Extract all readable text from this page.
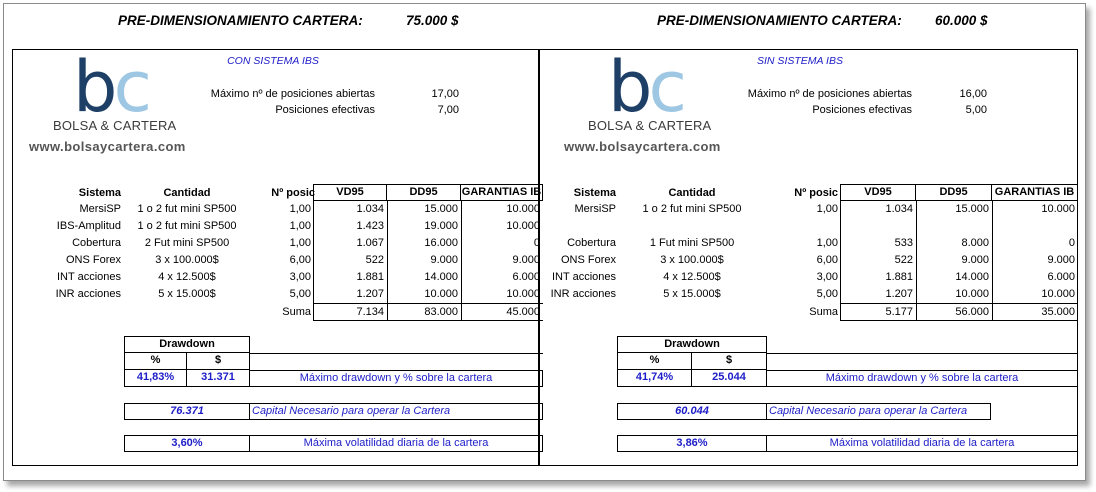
PRE-DIMENSIONAMIENTO CARTERA:	75.000 $	PRE-DIMENSIONAMIENTO CARTERA: 60.000 $
CON SISTEMA IBS
bc
BOLSA & CARTERA
www.bolsaycartera.com
Máximo nº de posiciones abiertas	17,00
Posiciones efectivas	7,00
Sistema	Cantidad	Nº posic	VD95	DD95	GARANTIAS IB
MersiSP	1 o 2 fut mini SP500	1,00	1.034	15.000	10.000
IBS-Amplitud	1 o 2 fut mini SP500	1,00	1.423	19.000	10.000
Cobertura	2 Fut mini SP500	1,00	1.067	16.000	0
ONS Forex	3 x 100.000$	6,00	522	9.000	9.000
INT acciones	4 x 12.500$	3,00	1.881	14.000	6.000
INR acciones	5 x 15.000$	5,00	1.207	10.000	10.000
Suma	7.134	83.000	45.000
Drawdown
%	$
41,83%	31.371	Máximo drawdown y % sobre la cartera
76.371	Capital Necesario para operar la Cartera
3,60%	Máxima volatilidad diaria de la cartera
SIN SISTEMA IBS
bc
BOLSA & CARTERA
www.bolsaycartera.com
Máximo nº de posiciones abiertas	16,00
Posiciones efectivas	5,00
Sistema	Cantidad	Nº posic	VD95	DD95	GARANTIAS IB
MersiSP	1 o 2 fut mini SP500	1,00	1.034	15.000	10.000
Cobertura	1 Fut mini SP500	1,00	533	8.000	0
ONS Forex	3 x 100.000$	6,00	522	9.000	9.000
INT acciones	4 x 12.500$	3,00	1.881	14.000	6.000
INR acciones	5 x 15.000$	5,00	1.207	10.000	10.000
Suma	5.177	56.000	35.000
Drawdown
%	$
41,74%	25.044	Máximo drawdown y % sobre la cartera
60.044	Capital Necesario para operar la Cartera
3,86%	Máxima volatilidad diaria de la cartera
